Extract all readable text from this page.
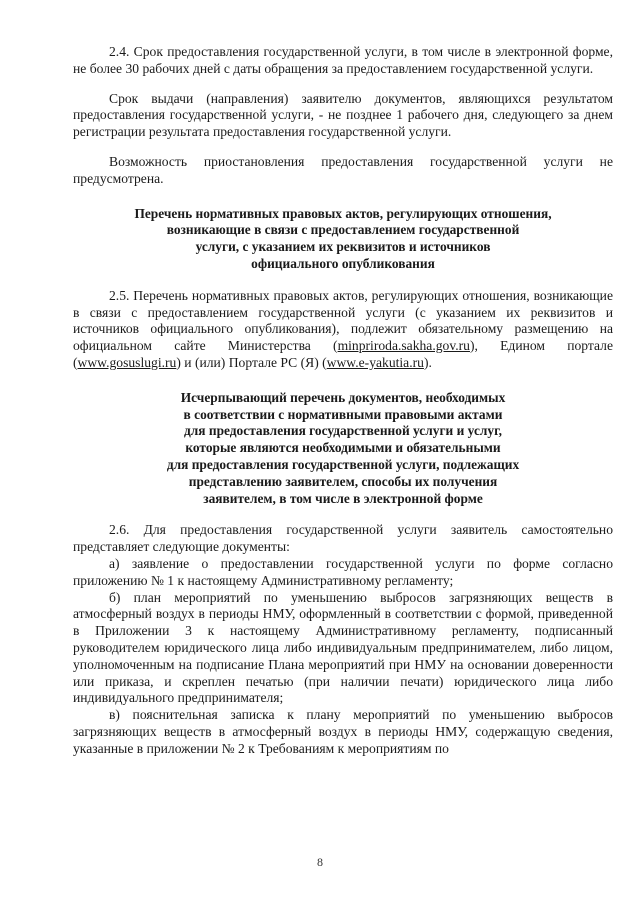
2.4. Срок предоставления государственной услуги, в том числе в электронной форме, не более 30 рабочих дней с даты обращения за предоставлением государственной услуги.

Срок выдачи (направления) заявителю документов, являющихся результатом предоставления государственной услуги, - не позднее 1 рабочего дня, следующего за днем регистрации результата предоставления государственной услуги.

Возможность приостановления предоставления государственной услуги не предусмотрена.

Перечень нормативных правовых актов, регулирующих отношения,
возникающие в связи с предоставлением государственной
услуги, с указанием их реквизитов и источников
официального опубликования

2.5. Перечень нормативных правовых актов, регулирующих отношения, возникающие в связи с предоставлением государственной услуги (с указанием их реквизитов и источников официального опубликования), подлежит обязательному размещению на официальном сайте Министерства (minpriroda.sakha.gov.ru), Едином портале (www.gosuslugi.ru) и (или) Портале РС (Я) (www.e-yakutia.ru).

Исчерпывающий перечень документов, необходимых
в соответствии с нормативными правовыми актами
для предоставления государственной услуги и услуг,
которые являются необходимыми и обязательными
для предоставления государственной услуги, подлежащих
представлению заявителем, способы их получения
заявителем, в том числе в электронной форме

2.6. Для предоставления государственной услуги заявитель самостоятельно представляет следующие документы:

а) заявление о предоставлении государственной услуги по форме согласно приложению № 1 к настоящему Административному регламенту;

б) план мероприятий по уменьшению выбросов загрязняющих веществ в атмосферный воздух в периоды НМУ, оформленный в соответствии с формой, приведенной в Приложении 3 к настоящему Административному регламенту, подписанный руководителем юридического лица либо индивидуальным предпринимателем, либо лицом, уполномоченным на подписание Плана мероприятий при НМУ на основании доверенности или приказа, и скреплен печатью (при наличии печати) юридического лица либо индивидуального предпринимателя;

в) пояснительная записка к плану мероприятий по уменьшению выбросов загрязняющих веществ в атмосферный воздух в периоды НМУ, содержащую сведения, указанные в приложении № 2 к Требованиям к мероприятиям по

8
